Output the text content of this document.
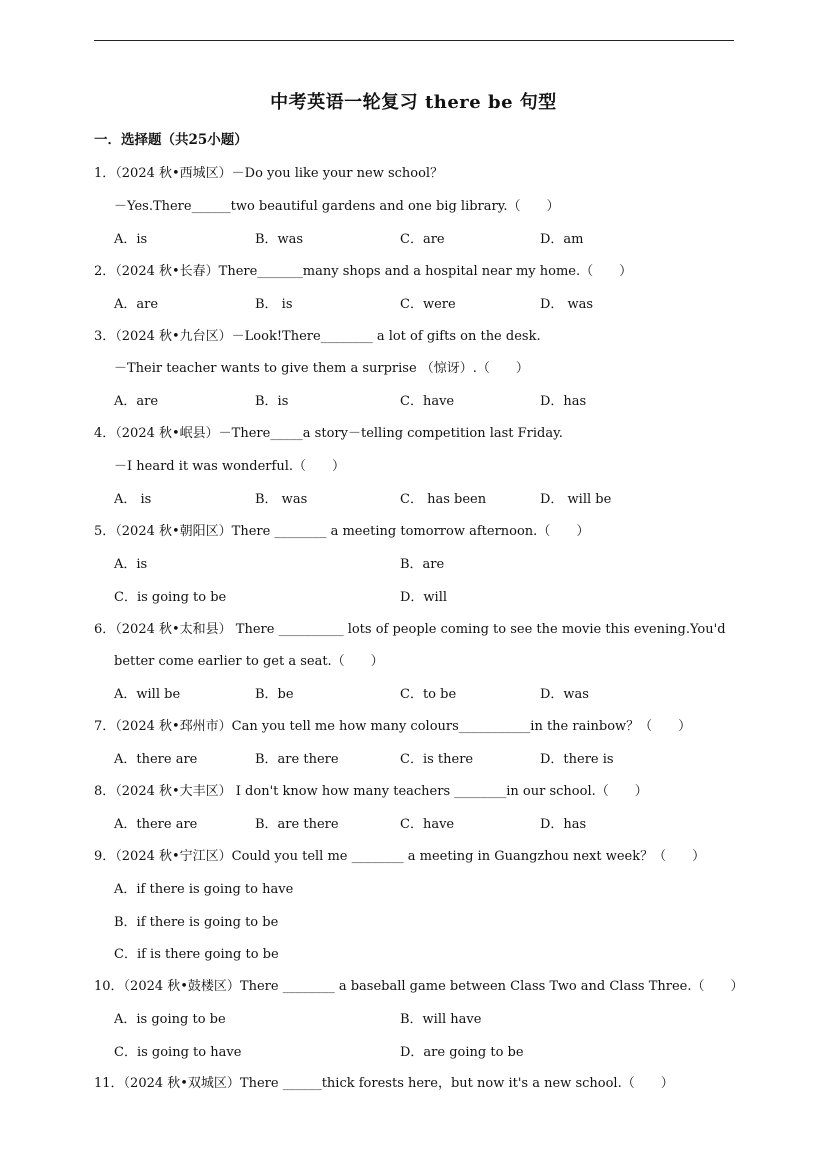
中考英语一轮复习 there be 句型
一．选择题（共25小题）
1．（2024 秋•西城区）－Do you like your new school？
－Yes.There______two beautiful gardens and one big library.（　　）
A．is	B．was	C．are	D．am
2．（2024 秋•长春）There_______many shops and a hospital near my home.（　　）
A．are	B． is	C．were	D． was
3．（2024 秋•九台区）－Look!There________ a lot of gifts on the desk.
－Their teacher wants to give them a surprise （惊讶）.（　　）
A．are	B．is	C．have	D．has
4．（2024 秋•岷县）－There_____a story－telling competition last Friday.
－I heard it was wonderful.（　　）
A． is	B． was	C． has been	D． will be
5．（2024 秋•朝阳区）There ________ a meeting tomorrow afternoon.（　　）
A．is	B．are
C．is going to be	D．will
6．（2024 秋•太和县） There __________ lots of people coming to see the movie this evening.You'd
better come earlier to get a seat.（　　）
A．will be	B．be	C．to be	D．was
7．（2024 秋•邳州市）Can you tell me how many colours___________in the rainbow？（　　）
A．there are	B．are there	C．is there	D．there is
8．（2024 秋•大丰区） I don't know how many teachers ________in our school.（　　）
A．there are	B．are there	C．have	D．has
9．（2024 秋•宁江区）Could you tell me ________ a meeting in Guangzhou next week？（　　）
A．if there is going to have
B．if there is going to be
C．if is there going to be
10．（2024 秋•鼓楼区）There ________ a baseball game between Class Two and Class Three.（　　）
A．is going to be	B．will have
C．is going to have	D．are going to be
11．（2024 秋•双城区）There ______thick forests here，but now it's a new school.（　　）
